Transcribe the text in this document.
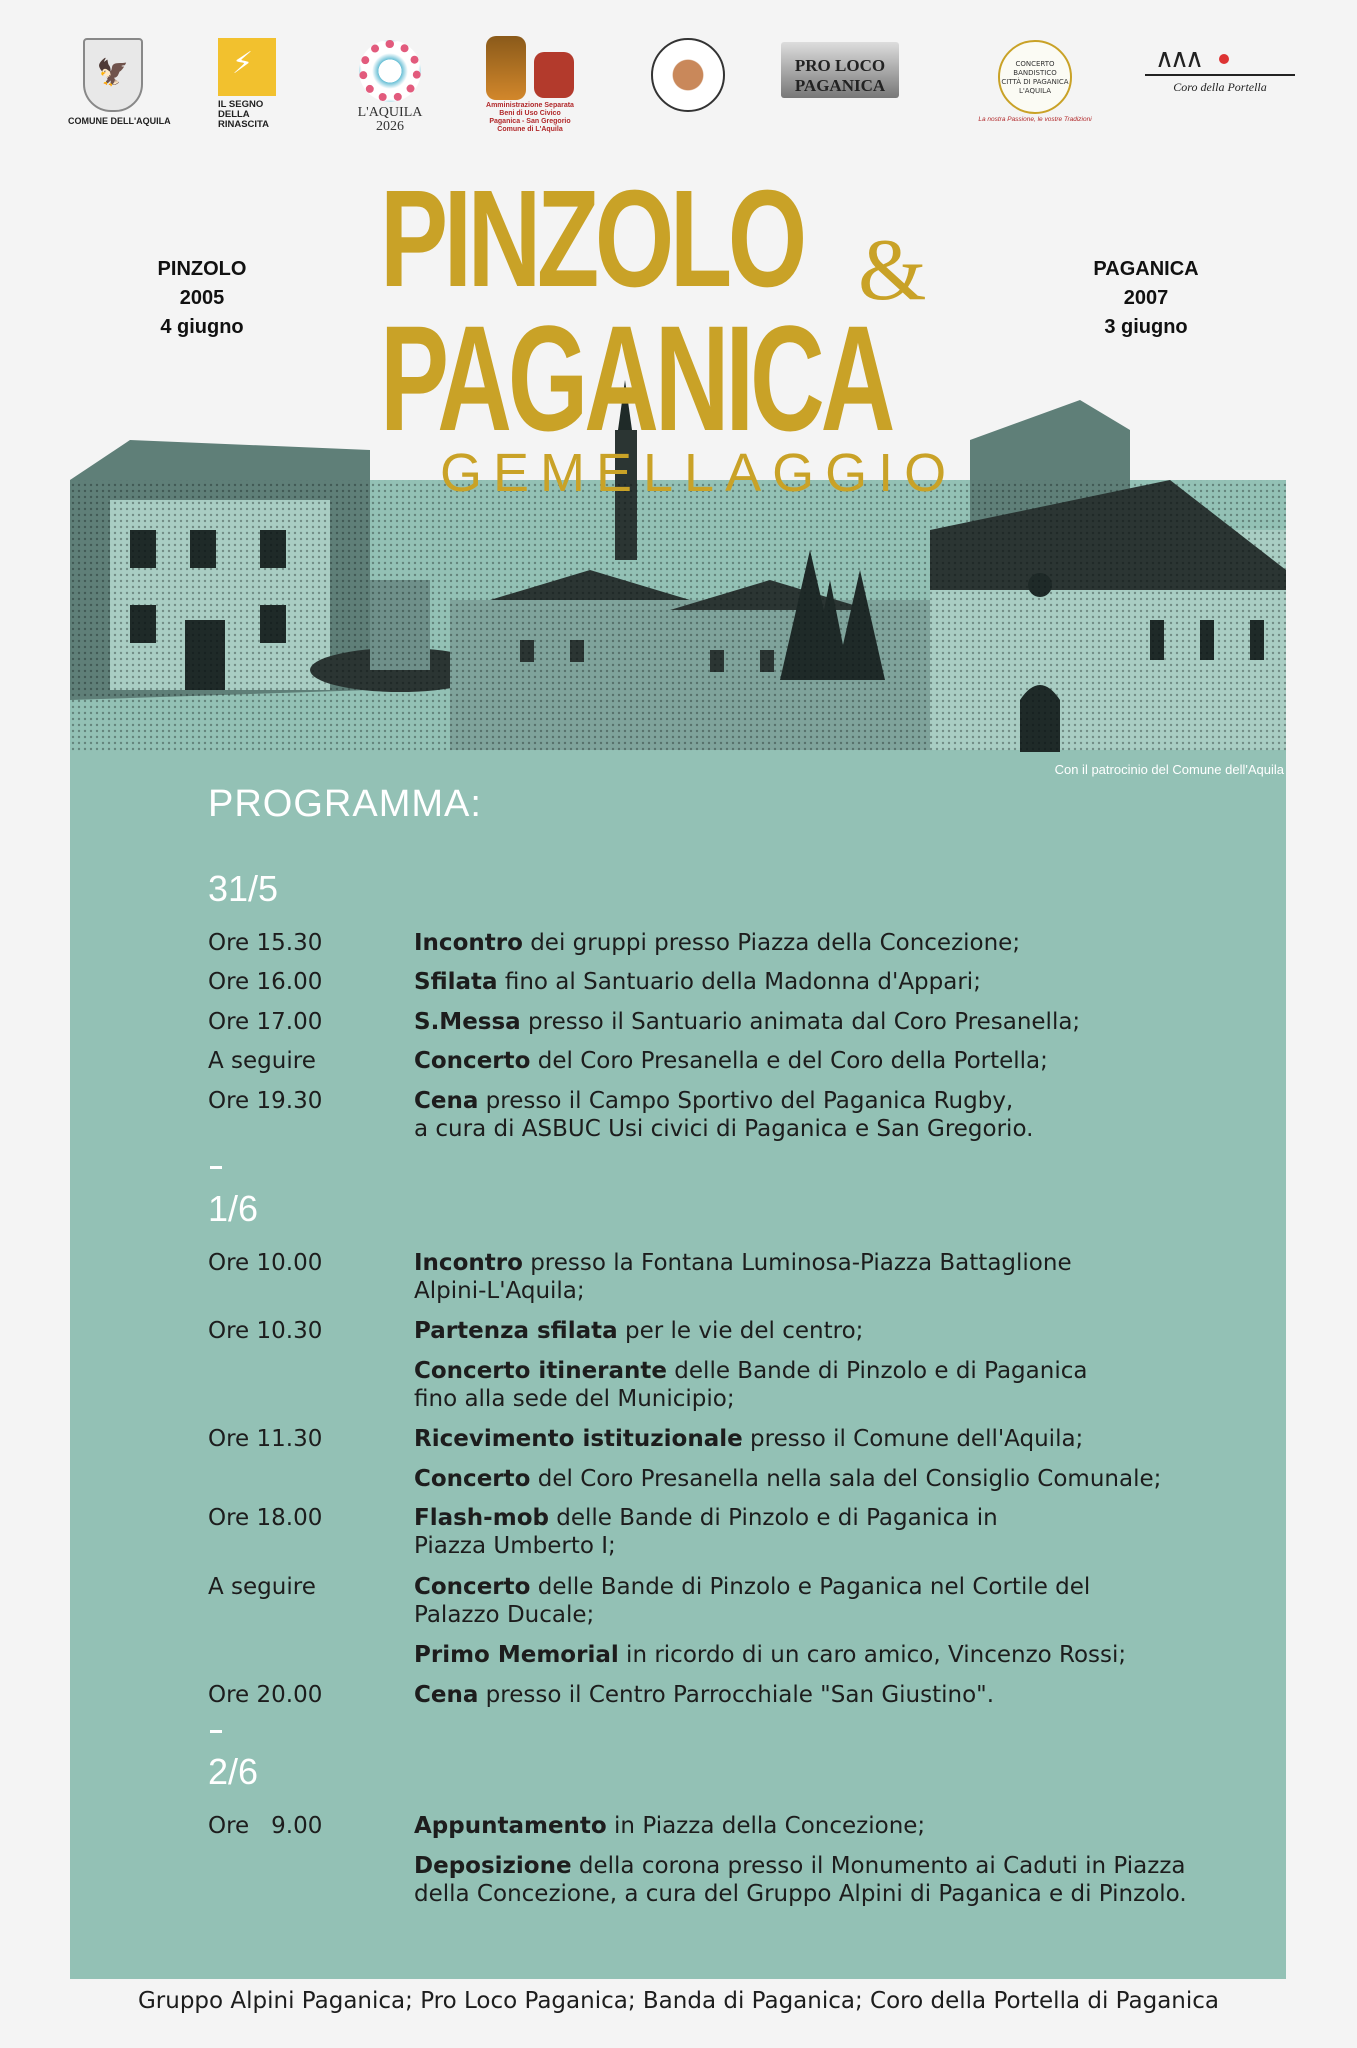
🦅
COMUNE DELL'AQUILA
⚡
IL SEGNO
DELLA
RINASCITA
L'AQUILA
2026
Amministrazione Separata
Beni di Uso Civico
Paganica - San Gregorio
Comune di L'Aquila
PRO LOCO PAGANICA
CONCERTO BANDISTICO
CITTÀ DI PAGANICA
L'AQUILA
La nostra Passione, le vostre Tradizioni
∧∧∧
Coro della Portella
PINZOLO
2005
4 giugno
PAGANICA
2007
3 giugno
PINZOLO &
PAGANICA
GEMELLAGGIO
Con il patrocinio del Comune dell'Aquila
PROGRAMMA:
31/5
Ore 15.30	Incontro dei gruppi presso Piazza della Concezione;
Ore 16.00	Sfilata fino al Santuario della Madonna d'Appari;
Ore 17.00	S.Messa presso il Santuario animata dal Coro Presanella;
A seguire	Concerto del Coro Presanella e del Coro della Portella;
Ore 19.30	Cena presso il Campo Sportivo del Paganica Rugby,
a cura di ASBUC Usi civici di Paganica e San Gregorio.
1/6
Ore 10.00	Incontro presso la Fontana Luminosa-Piazza Battaglione
Alpini-L'Aquila;
Ore 10.30	Partenza sfilata per le vie del centro;
Concerto itinerante delle Bande di Pinzolo e di Paganica
fino alla sede del Municipio;
Ore 11.30	Ricevimento istituzionale presso il Comune dell'Aquila;
Concerto del Coro Presanella nella sala del Consiglio Comunale;
Ore 18.00	Flash-mob delle Bande di Pinzolo e di Paganica in
Piazza Umberto I;
A seguire	Concerto delle Bande di Pinzolo e Paganica nel Cortile del
Palazzo Ducale;
Primo Memorial in ricordo di un caro amico, Vincenzo Rossi;
Ore 20.00	Cena presso il Centro Parrocchiale "San Giustino".
2/6
Ore   9.00	Appuntamento in Piazza della Concezione;
Deposizione della corona presso il Monumento ai Caduti in Piazza
della Concezione, a cura del Gruppo Alpini di Paganica e di Pinzolo.
Gruppo Alpini Paganica; Pro Loco Paganica; Banda di Paganica; Coro della Portella di Paganica
